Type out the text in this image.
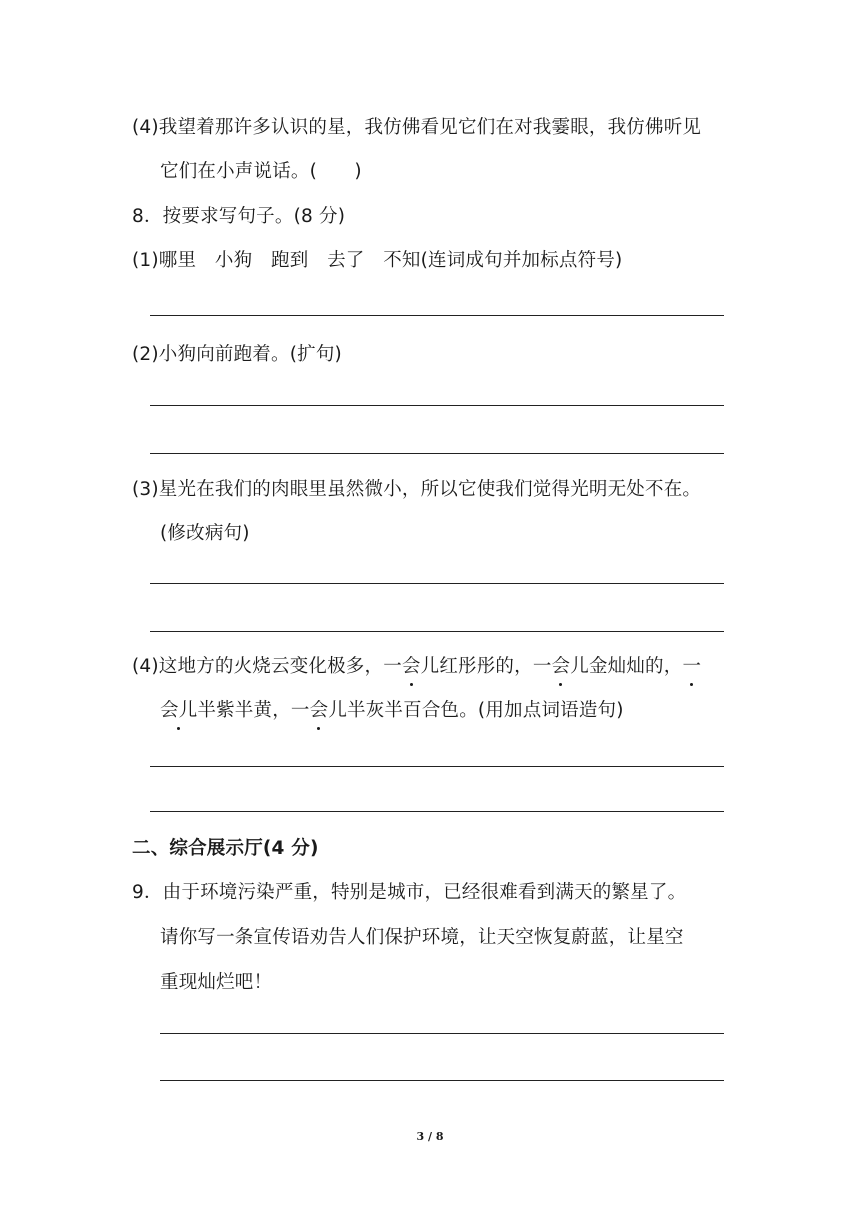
(4)我望着那许多认识的星，我仿佛看见它们在对我霎眼，我仿佛听见
它们在小声说话。(　　)
8．按要求写句子。(8 分)
(1)哪里　小狗　跑到　去了　不知(连词成句并加标点符号)
(2)小狗向前跑着。(扩句)
(3)星光在我们的肉眼里虽然微小，所以它使我们觉得光明无处不在。
(修改病句)
(4)这地方的火烧云变化极多，一会儿红彤彤的，一会儿金灿灿的，一
会儿半紫半黄，一会儿半灰半百合色。(用加点词语造句)
二、综合展示厅(4 分)
9．由于环境污染严重，特别是城市，已经很难看到满天的繁星了。
请你写一条宣传语劝告人们保护环境，让天空恢复蔚蓝，让星空
重现灿烂吧！
3 / 8
